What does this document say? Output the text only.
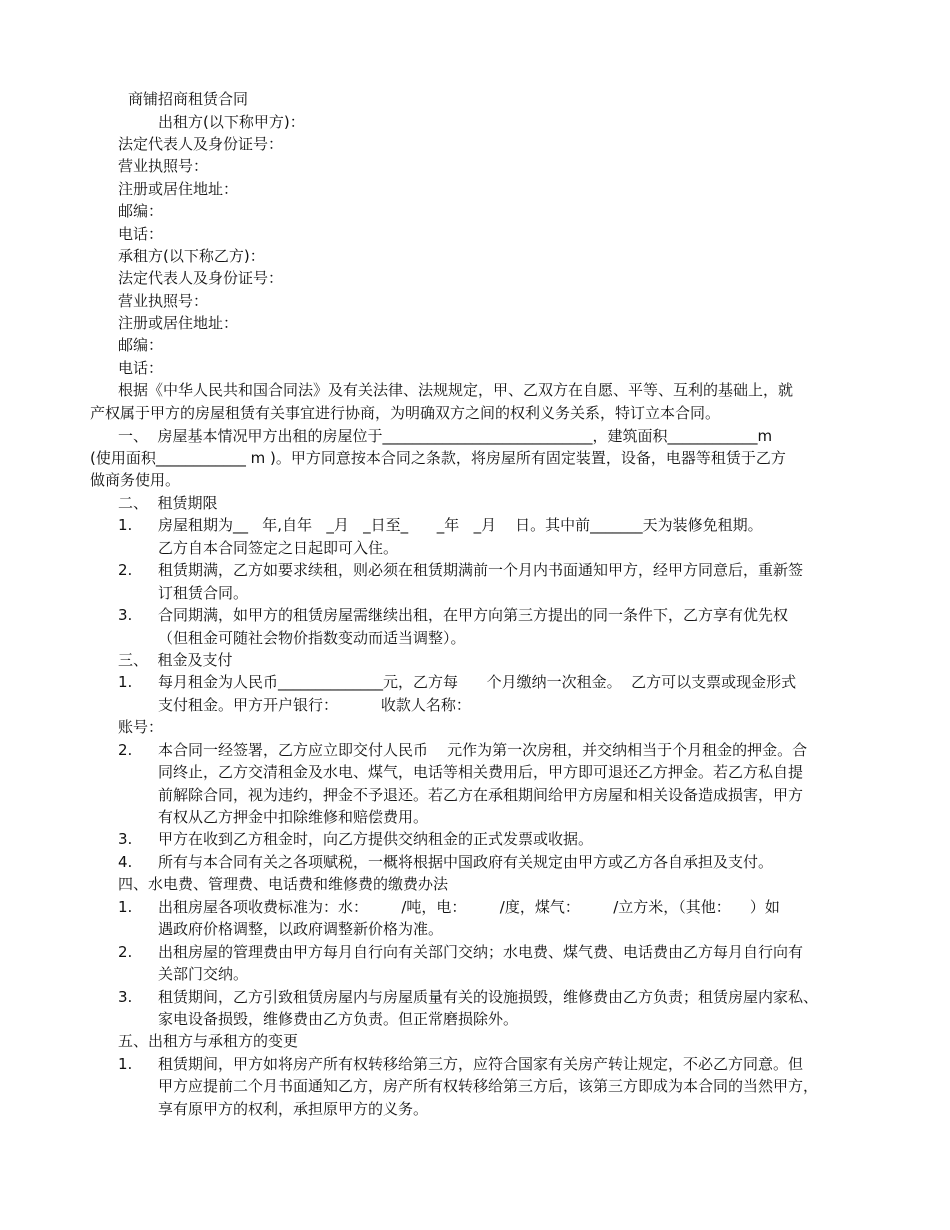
商铺招商租赁合同
出租方(以下称甲方)：
法定代表人及身份证号：
营业执照号：
注册或居住地址：
邮编：
电话：
承租方(以下称乙方)：
法定代表人及身份证号：
营业执照号：
注册或居住地址：
邮编：
电话：
根据《中华人民共和国合同法》及有关法律、法规规定，甲、乙双方在自愿、平等、互利的基础上，就
产权属于甲方的房屋租赁有关事宜进行协商，为明确双方之间的权利义务关系，特订立本合同。
一、  房屋基本情况甲方出租的房屋位于____________________________，建筑面积____________m
(使用面积____________ m )。甲方同意按本合同之条款，将房屋所有固定装置，设备，电器等租赁于乙方
做商务使用。
二、  租赁期限
1. 房屋租期为__   年,自年   _月   _日至_      _年   _月    日。其中前_______天为装修免租期。
乙方自本合同签定之日起即可入住。
2. 租赁期满，乙方如要求续租，则必须在租赁期满前一个月内书面通知甲方，经甲方同意后，重新签
订租赁合同。
3. 合同期满，如甲方的租赁房屋需继续出租，在甲方向第三方提出的同一条件下，乙方享有优先权
（但租金可随社会物价指数变动而适当调整）。
三、  租金及支付
1. 每月租金为人民币______________元，乙方每      个月缴纳一次租金。  乙方可以支票或现金形式
支付租金。甲方开户银行：         收款人名称：
账号：
2. 本合同一经签署，乙方应立即交付人民币    元作为第一次房租，并交纳相当于个月租金的押金。合
同终止，乙方交清租金及水电、煤气，电话等相关费用后，甲方即可退还乙方押金。若乙方私自提
前解除合同，视为违约，押金不予退还。若乙方在承租期间给甲方房屋和相关设备造成损害，甲方
有权从乙方押金中扣除维修和赔偿费用。
3. 甲方在收到乙方租金时，向乙方提供交纳租金的正式发票或收据。
4. 所有与本合同有关之各项赋税，一概将根据中国政府有关规定由甲方或乙方各自承担及支付。
四、水电费、管理费、电话费和维修费的缴费办法
1. 出租房屋各项收费标准为：水：       /吨，电：       /度，煤气：       /立方米，（其他：    ）如
遇政府价格调整，以政府调整新价格为准。
2. 出租房屋的管理费由甲方每月自行向有关部门交纳；水电费、煤气费、电话费由乙方每月自行向有
关部门交纳。
3. 租赁期间，乙方引致租赁房屋内与房屋质量有关的设施损毁，维修费由乙方负责；租赁房屋内家私、
家电设备损毁，维修费由乙方负责。但正常磨损除外。
五、出租方与承租方的变更
1. 租赁期间，甲方如将房产所有权转移给第三方，应符合国家有关房产转让规定，不必乙方同意。但
甲方应提前二个月书面通知乙方，房产所有权转移给第三方后，该第三方即成为本合同的当然甲方，
享有原甲方的权利，承担原甲方的义务。
